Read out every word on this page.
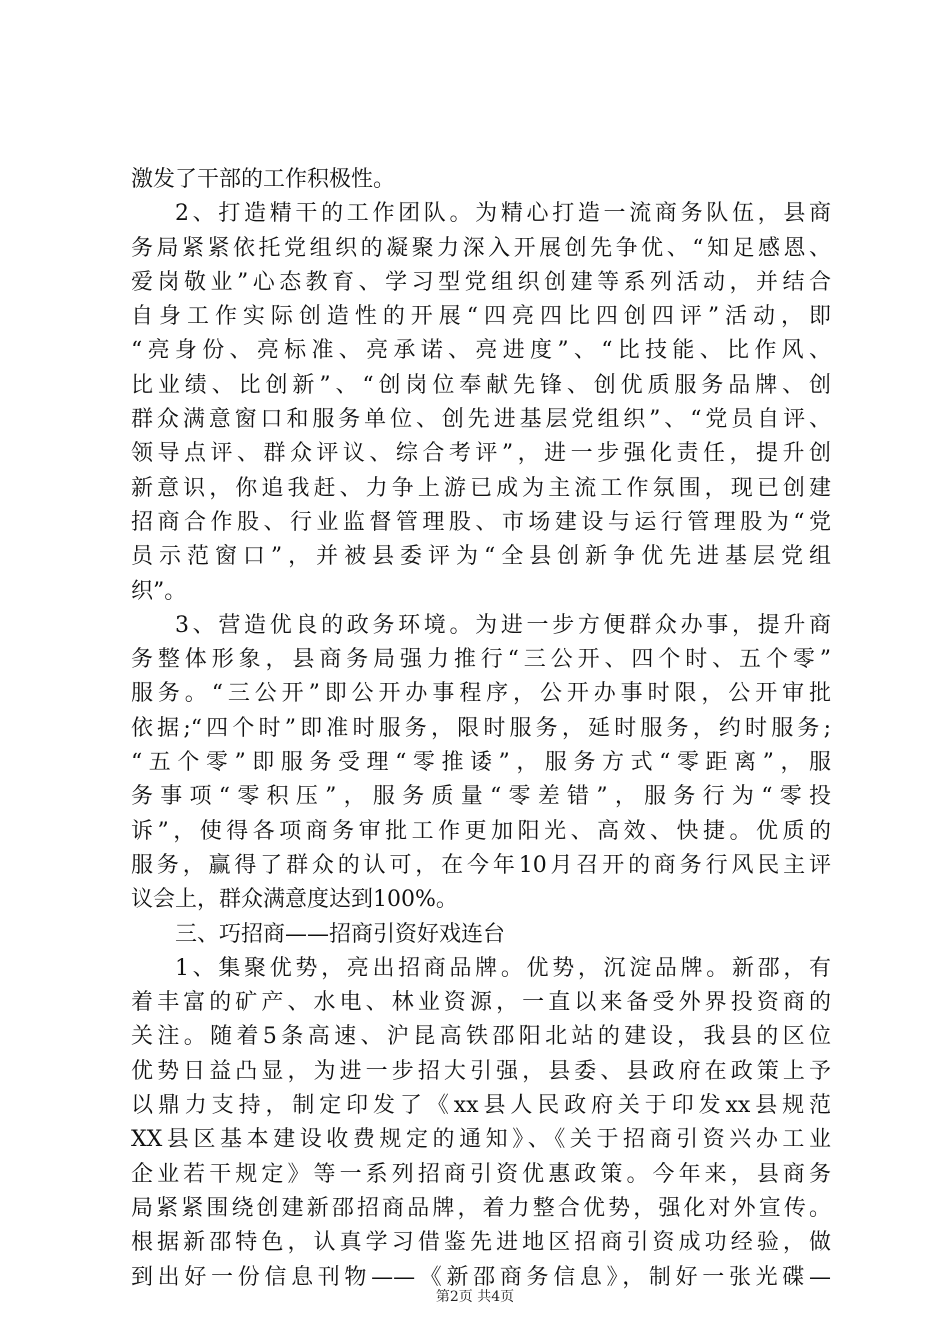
激发了干部的工作积极性。
2、打造精干的工作团队。为精心打造一流商务队伍，县商
务局紧紧依托党组织的凝聚力深入开展创先争优、“知足感恩、
爱岗敬业”心态教育、学习型党组织创建等系列活动，并结合
自身工作实际创造性的开展“四亮四比四创四评”活动，即
“亮身份、亮标准、亮承诺、亮进度”、“比技能、比作风、
比业绩、比创新”、“创岗位奉献先锋、创优质服务品牌、创
群众满意窗口和服务单位、创先进基层党组织”、“党员自评、
领导点评、群众评议、综合考评”，进一步强化责任，提升创
新意识，你追我赶、力争上游已成为主流工作氛围，现已创建
招商合作股、行业监督管理股、市场建设与运行管理股为“党
员示范窗口”，并被县委评为“全县创新争优先进基层党组
织”。
3、营造优良的政务环境。为进一步方便群众办事，提升商
务整体形象，县商务局强力推行“三公开、四个时、五个零”
服务。“三公开”即公开办事程序，公开办事时限，公开审批
依据;“四个时”即准时服务，限时服务，延时服务，约时服务;
“五个零”即服务受理“零推诿”，服务方式“零距离”，服
务事项“零积压”，服务质量“零差错”，服务行为“零投
诉”，使得各项商务审批工作更加阳光、高效、快捷。优质的
服务，赢得了群众的认可，在今年10月召开的商务行风民主评
议会上，群众满意度达到100%。
三、巧招商——招商引资好戏连台
1、集聚优势，亮出招商品牌。优势，沉淀品牌。新邵，有
着丰富的矿产、水电、林业资源，一直以来备受外界投资商的
关注。随着5条高速、沪昆高铁邵阳北站的建设，我县的区位
优势日益凸显，为进一步招大引强，县委、县政府在政策上予
以鼎力支持，制定印发了《xx县人民政府关于印发xx县规范
XX县区基本建设收费规定的通知》、《关于招商引资兴办工业
企业若干规定》等一系列招商引资优惠政策。今年来，县商务
局紧紧围绕创建新邵招商品牌，着力整合优势，强化对外宣传。
根据新邵特色，认真学习借鉴先进地区招商引资成功经验，做
到出好一份信息刊物——《新邵商务信息》，制好一张光碟—
第2页 共4页
